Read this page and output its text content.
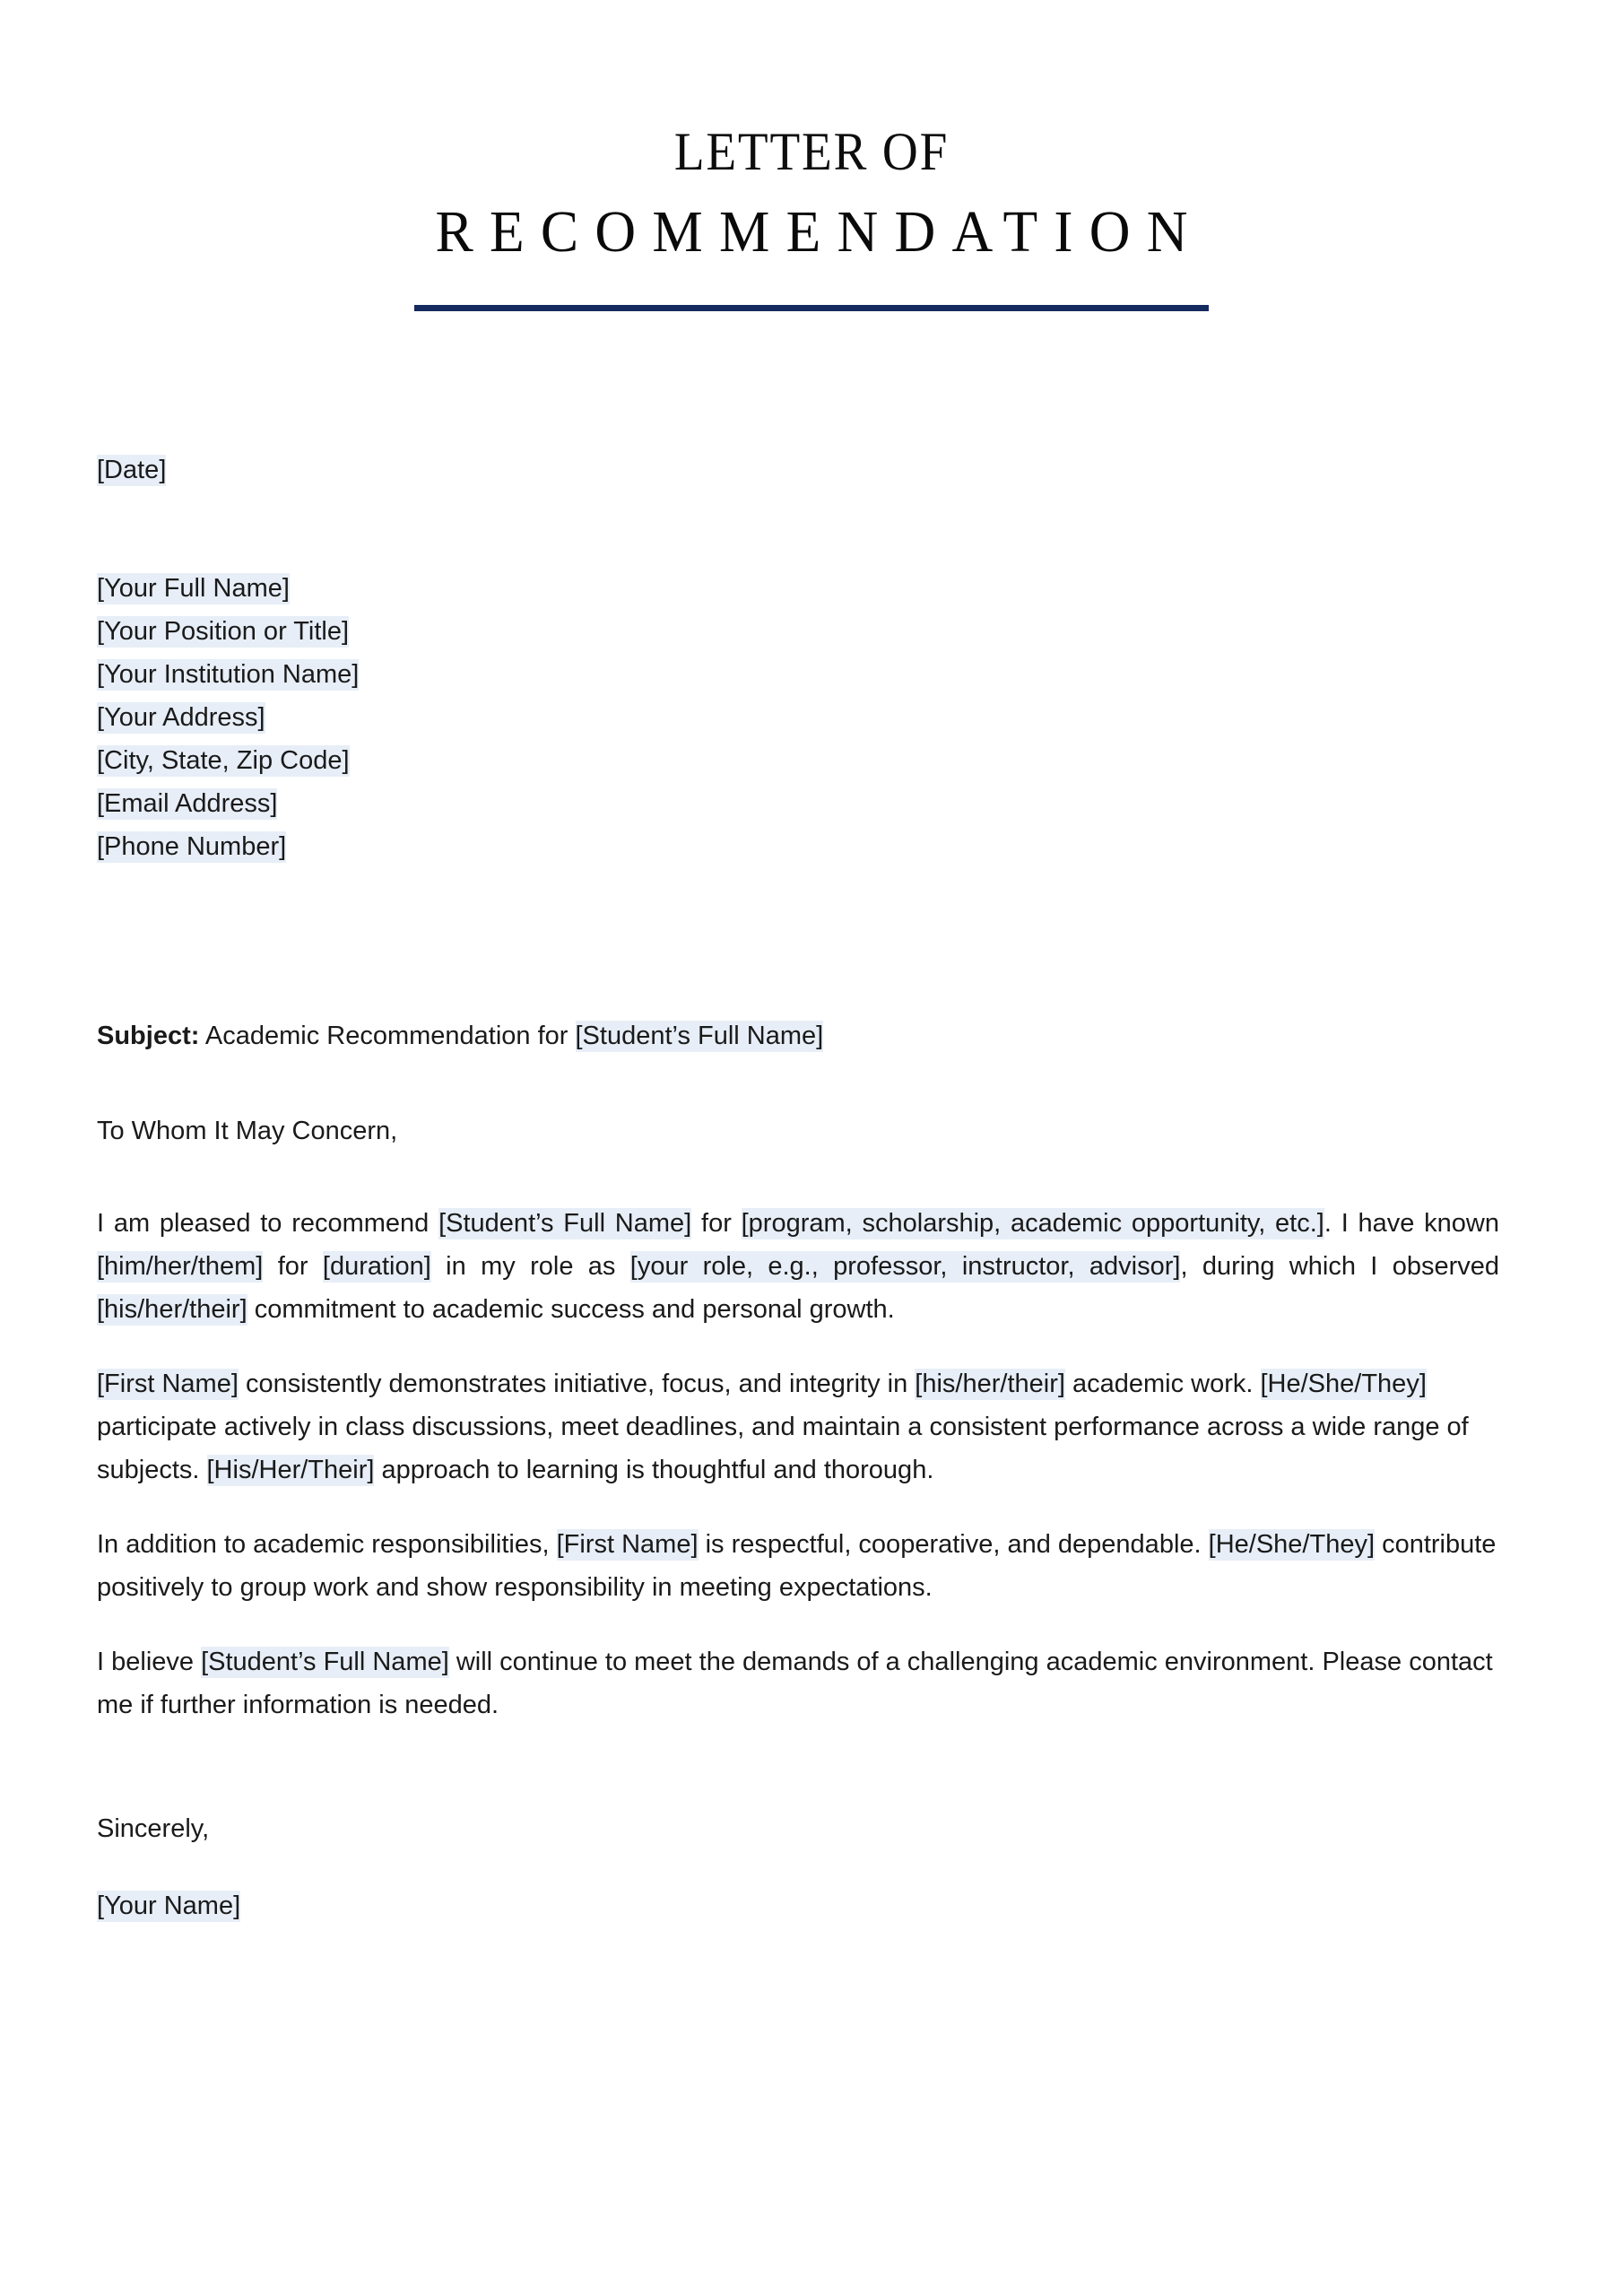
LETTER OF
RECOMMENDATION
[Date]
[Your Full Name]
[Your Position or Title]
[Your Institution Name]
[Your Address]
[City, State, Zip Code]
[Email Address]
[Phone Number]
Subject: Academic Recommendation for [Student’s Full Name]
To Whom It May Concern,

I am pleased to recommend [Student’s Full Name] for [program, scholarship, academic opportunity, etc.]. I have known [him/her/them] for [duration] in my role as [your role, e.g., professor, instructor, advisor], during which I observed [his/her/their] commitment to academic success and personal growth.

[First Name] consistently demonstrates initiative, focus, and integrity in [his/her/their] academic work. [He/She/They] participate actively in class discussions, meet deadlines, and maintain a consistent performance across a wide range of subjects. [His/Her/Their] approach to learning is thoughtful and thorough.

In addition to academic responsibilities, [First Name] is respectful, cooperative, and dependable. [He/She/They] contribute positively to group work and show responsibility in meeting expectations.

I believe [Student’s Full Name] will continue to meet the demands of a challenging academic environment. Please contact me if further information is needed.

Sincerely,
[Your Name]
